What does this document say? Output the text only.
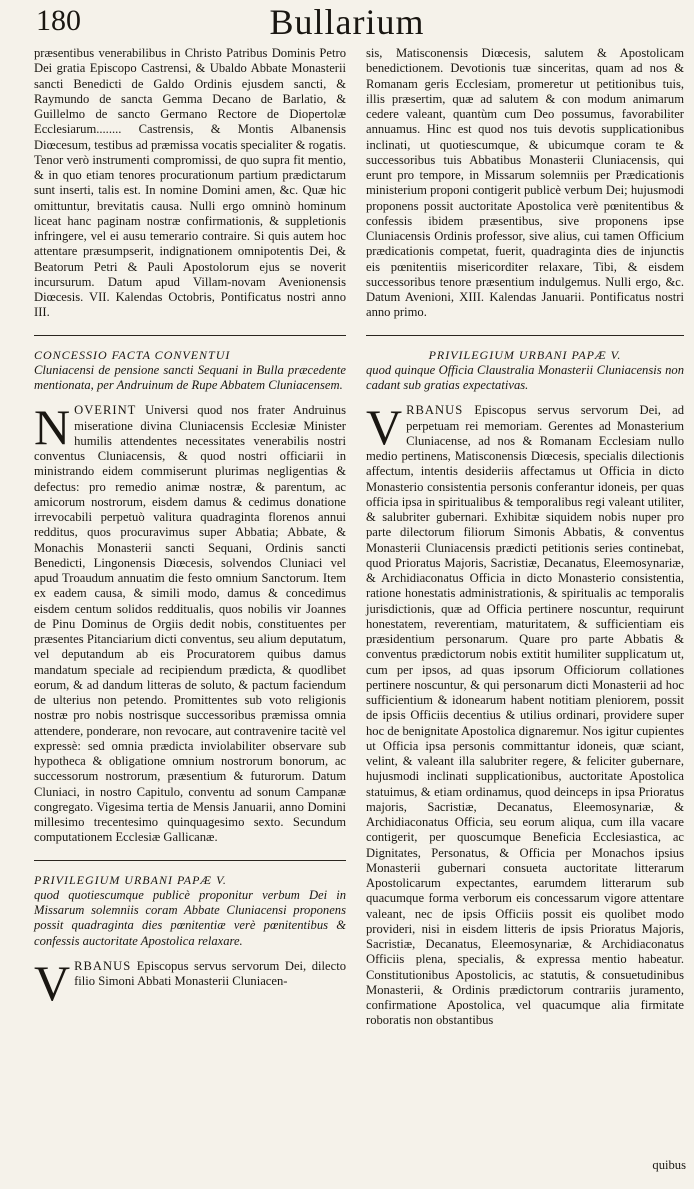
180	Bullarium

præsentibus venerabilibus in Christo Patribus Dominis Petro Dei gratia Episcopo Castrensi, & Ubaldo Abbate Monasterii sancti Benedicti de Galdo Ordinis ejusdem sancti, & Raymundo de sancta Gemma Decano de Barlatio, & Guillelmo de sancto Germano Rectore de Diopertolæ Ecclesiarum........ Castrensis, & Montis Albanensis Diœcesum, testibus ad præmissa vocatis specialiter & rogatis. Tenor verò instrumenti compromissi, de quo supra fit mentio, & in quo etiam tenores procurationum partium prædictarum sunt inserti, talis est. In nomine Domini amen, &c. Quæ hic omittuntur, brevitatis causa. Nulli ergo omninò hominum liceat hanc paginam nostræ confirmationis, & suppletionis infringere, vel ei ausu temerario contraire. Si quis autem hoc attentare præsumpserit, indignationem omnipotentis Dei, & Beatorum Petri & Pauli Apostolorum ejus se noverit incursurum. Datum apud Villam-novam Avenionensis Diœcesis. VII. Kalendas Octobris, Pontificatus nostri anno III.

CONCESSIO FACTA CONVENTUI
Cluniacensi de pensione sancti Sequani in Bulla præcedente mentionata, per Andruinum de Rupe Abbatem Cluniacensem.

NOVERINT Universi quod nos frater Andruinus miseratione divina Cluniacensis Ecclesiæ Minister humilis attendentes necessitates venerabilis nostri conventus Cluniacensis, & quod nostri officiarii in ministrando eidem commiserunt plurimas negligentias & defectus: pro remedio animæ nostræ, & parentum, ac amicorum nostrorum, eisdem damus & cedimus donatione irrevocabili perpetuò valitura quadraginta florenos annui redditus, quos procuravimus super Abbatia; Abbate, & Monachis Monasterii sancti Sequani, Ordinis sancti Benedicti, Lingonensis Diœcesis, solvendos Cluniaci vel apud Troaudum annuatim die festo omnium Sanctorum. Item ex eadem causa, & simili modo, damus & concedimus eisdem centum solidos redditualis, quos nobilis vir Joannes de Pinu Dominus de Orgiis dedit nobis, constituentes per præsentes Pitanciarium dicti conventus, seu alium deputatum, vel deputandum ab eis Procuratorem quibus damus mandatum speciale ad recipiendum prædicta, & quodlibet eorum, & ad dandum litteras de soluto, & pactum faciendum de ulterius non petendo. Promittentes sub voto religionis nostræ pro nobis nostrisque successoribus præmissa omnia attendere, ponderare, non revocare, aut contravenire tacitè vel expressè: sed omnia prædicta inviolabiliter observare sub hypotheca & obligatione omnium nostrorum bonorum, ac successorum nostrorum, præsentium & futurorum. Datum Cluniaci, in nostro Capitulo, conventu ad sonum Campanæ congregato. Vigesima tertia de Mensis Januarii, anno Domini millesimo trecentesimo quinquagesimo sexto. Secundum computationem Ecclesiæ Gallicanæ.

PRIVILEGIUM URBANI PAPÆ V.
quod quotiescumque publicè proponitur verbum Dei in Missarum solemniis coram Abbate Cluniacensi proponens possit quadraginta dies pœnitentiæ verè pœnitentibus & confessis auctoritate Apostolica relaxare.

VRBANUS Episcopus servus servorum Dei, dilecto filio Simoni Abbati Monasterii Cluniacen-

sis, Matisconensis Diœcesis, salutem & Apostolicam benedictionem. Devotionis tuæ sinceritas, quam ad nos & Romanam geris Ecclesiam, promeretur ut petitionibus tuis, illis præsertim, quæ ad salutem & con modum animarum cedere valeant, quantùm cum Deo possumus, favorabiliter annuamus. Hinc est quod nos tuis devotis supplicationibus inclinati, ut quotiescumque, & ubicumque coram te & successoribus tuis Abbatibus Monasterii Cluniacensis, qui erunt pro tempore, in Missarum solemniis per Prædicationis ministerium proponi contigerit publicè verbum Dei; hujusmodi proponens possit auctoritate Apostolica verè pœnitentibus & confessis ibidem præsentibus, sive proponens ipse Cluniacensis Ordinis professor, sive alius, cui tamen Officium prædicationis competat, fuerit, quadraginta dies de injunctis eis pœnitentiis misericorditer relaxare, Tibi, & eisdem successoribus tenore præsentium indulgemus. Nulli ergo, &c. Datum Avenioni, XIII. Kalendas Januarii. Pontificatus nostri anno primo.

PRIVILEGIUM URBANI PAPÆ V.
quod quinque Officia Claustralia Monasterii Cluniacensis non cadant sub gratias expectativas.

VRBANUS Episcopus servus servorum Dei, ad perpetuam rei memoriam. Gerentes ad Monasterium Cluniacense, ad nos & Romanam Ecclesiam nullo medio pertinens, Matisconensis Diœcesis, specialis dilectionis affectum, intentis desideriis affectamus ut Officia in dicto Monasterio consistentia personis conferantur idoneis, per quas officia ipsa in spiritualibus & temporalibus regi valeant utiliter, & salubriter gubernari. Exhibitæ siquidem nobis nuper pro parte dilectorum filiorum Simonis Abbatis, & conventus Monasterii Cluniacensis prædicti petitionis series continebat, quod Prioratus Majoris, Sacristiæ, Decanatus, Eleemosynariæ, & Archidiaconatus Officia in dicto Monasterio consistentia, ratione honestatis administrationis, & spiritualis ac temporalis jurisdictionis, quæ ad Officia pertinere noscuntur, requirunt honestatem, reverentiam, maturitatem, & sufficientiam eis præsidentium personarum. Quare pro parte Abbatis & conventus prædictorum nobis extitit humiliter supplicatum ut, cum per ipsos, ad quas ipsorum Officiorum collationes pertinere noscuntur, & qui personarum dicti Monasterii ad hoc sufficientium & idonearum habent notitiam pleniorem, possit de ipsis Officiis decentius & utilius ordinari, providere super hoc de benignitate Apostolica dignaremur. Nos igitur cupientes ut Officia ipsa personis committantur idoneis, quæ sciant, velint, & valeant illa salubriter regere, & feliciter gubernare, hujusmodi inclinati supplicationibus, auctoritate Apostolica statuimus, & etiam ordinamus, quod deinceps in ipsa Prioratus majoris, Sacristiæ, Decanatus, Eleemosynariæ, & Archidiaconatus Officia, seu eorum aliqua, cum illa vacare contigerit, per quoscumque Beneficia Ecclesiastica, ac Dignitates, Personatus, & Officia per Monachos ipsius Monasterii gubernari consueta auctoritate litterarum Apostolicarum expectantes, earumdem litterarum sub quacumque forma verborum eis concessarum vigore attentare valeant, nec de ipsis Officiis possit eis quolibet modo provideri, nisi in eisdem litteris de ipsis Prioratus Majoris, Sacristiæ, Decanatus, Eleemosynariæ, & Archidiaconatus Officiis plena, specialis, & expressa mentio habeatur. Constitutionibus Apostolicis, ac statutis, & consuetudinibus Monasterii, & Ordinis prædictorum contrariis juramento, confirmatione Apostolica, vel quacumque alia firmitate roboratis non obstantibus

quibus
